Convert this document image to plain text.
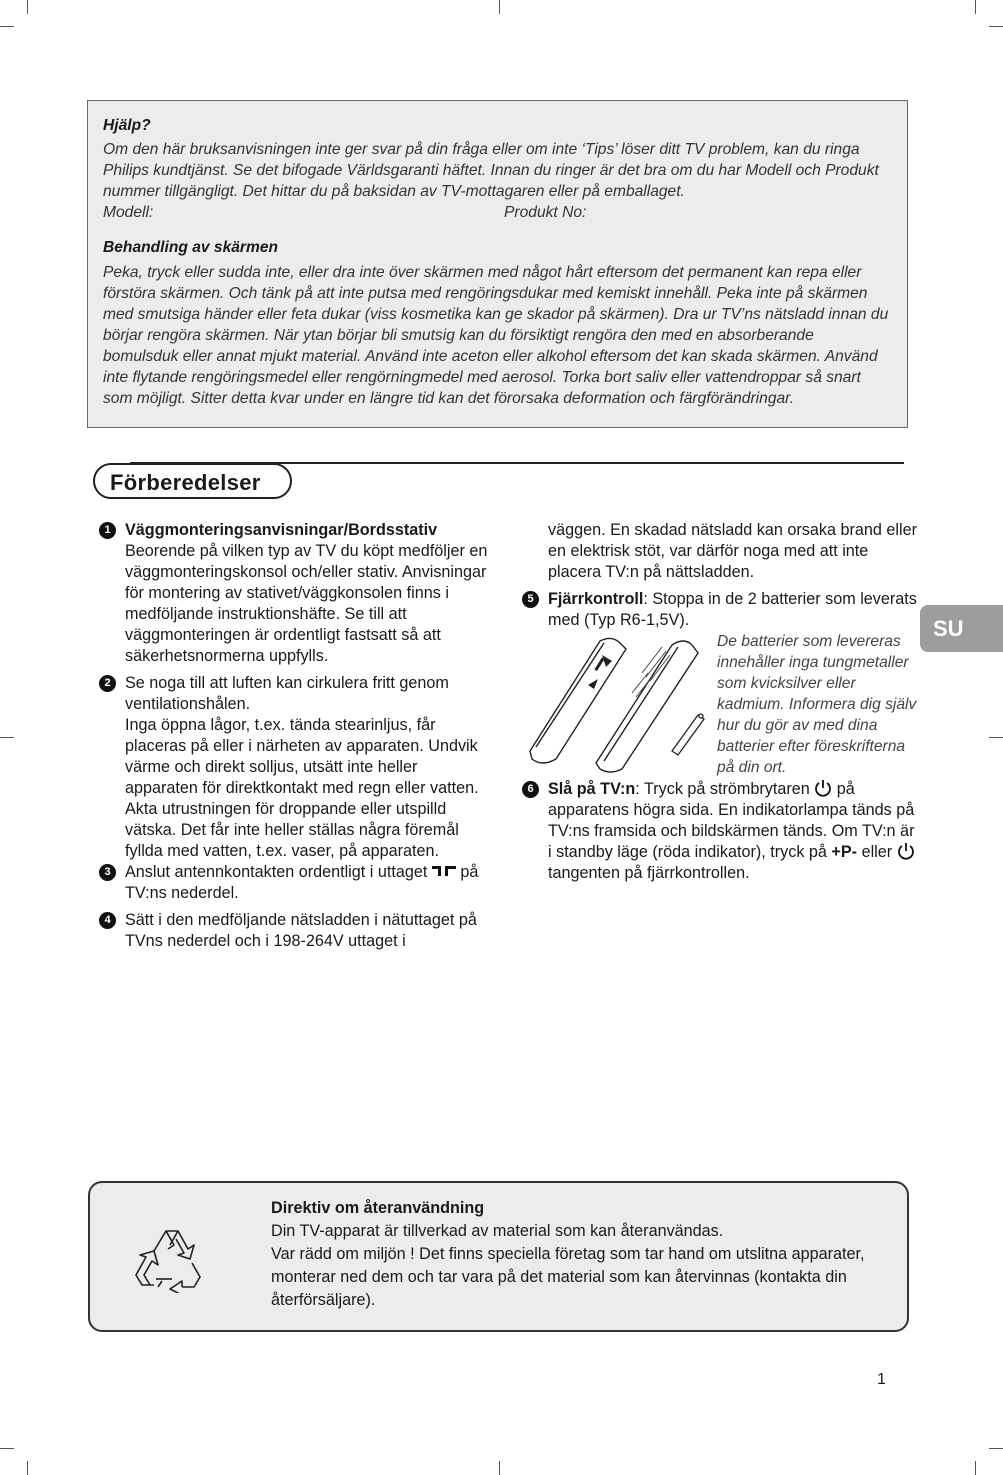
Hjälp?

Om den här bruksanvisningen inte ger svar på din fråga eller om inte ‘Tips’ löser ditt TV problem, kan du ringa Philips kundtjänst. Se det bifogade Världsgaranti häftet. Innan du ringer är det bra om du har Modell och Produkt nummer tillgängligt. Det hittar du på baksidan av TV-mottagaren eller på emballaget.

Modell:	Produkt No:
Behandling av skärmen

Peka, tryck eller sudda inte, eller dra inte över skärmen med något hårt eftersom det permanent kan repa eller förstöra skärmen. Och tänk på att inte putsa med rengöringsdukar med kemiskt innehåll. Peka inte på skärmen med smutsiga händer eller feta dukar (viss kosmetika kan ge skador på skärmen). Dra ur TV’ns nätsladd innan du börjar rengöra skärmen. När ytan börjar bli smutsig kan du försiktigt rengöra den med en absorberande bomulsduk eller annat mjukt material. Använd inte aceton eller alkohol eftersom det kan skada skärmen. Använd inte flytande rengöringsmedel eller rengörningmedel med aerosol. Torka bort saliv eller vattendroppar så snart som möjligt. Sitter detta kvar under en längre tid kan det förorsaka deformation och färgförändringar.

Förberedelser
1 Väggmonteringsanvisningar/Bordsstativ

Beorende på vilken typ av TV du köpt medföljer en väggmonteringskonsol och/eller stativ. Anvisningar för montering av stativet/väggkonsolen finns i medföljande instruktionshäfte. Se till att väggmonteringen är ordentligt fastsatt så att säkerhetsnormerna uppfylls.

2 Se noga till att luften kan cirkulera fritt genom ventilationshålen.

Inga öppna lågor, t.ex. tända stearinljus, får placeras på eller i närheten av apparaten. Undvik värme och direkt solljus, utsätt inte heller apparaten för direktkontakt med regn eller vatten. Akta utrustningen för droppande eller utspilld vätska. Det får inte heller ställas några föremål fyllda med vatten, t.ex. vaser, på apparaten.

3 Anslut antennkontakten ordentligt i uttaget på TV:ns nederdel.

4 Sätt i den medföljande nätsladden i nätuttaget på TVns nederdel och i 198-264V uttaget i

väggen. En skadad nätsladd kan orsaka brand eller en elektrisk stöt, var därför noga med att inte placera TV:n på nättsladden.

5 Fjärrkontroll: Stoppa in de 2 batterier som leverats med (Typ R6-1,5V).

De batterier som levereras innehåller inga tungmetaller som kvicksilver eller kadmium. Informera dig själv hur du gör av med dina batterier efter föreskrifterna på din ort.
6 Slå på TV:n: Tryck på strömbrytaren på apparatens högra sida. En indikatorlampa tänds på TV:ns framsida och bildskärmen tänds. Om TV:n är i standby läge (röda indikator), tryck på +P- eller  tangenten på fjärrkontrollen.

SU

Direktiv om återanvändning

Din TV-apparat är tillverkad av material som kan återanvändas.

Var rädd om miljön ! Det finns speciella företag som tar hand om utslitna apparater, monterar ned dem och tar vara på det material som kan återvinnas (kontakta din återförsäljare).

1
